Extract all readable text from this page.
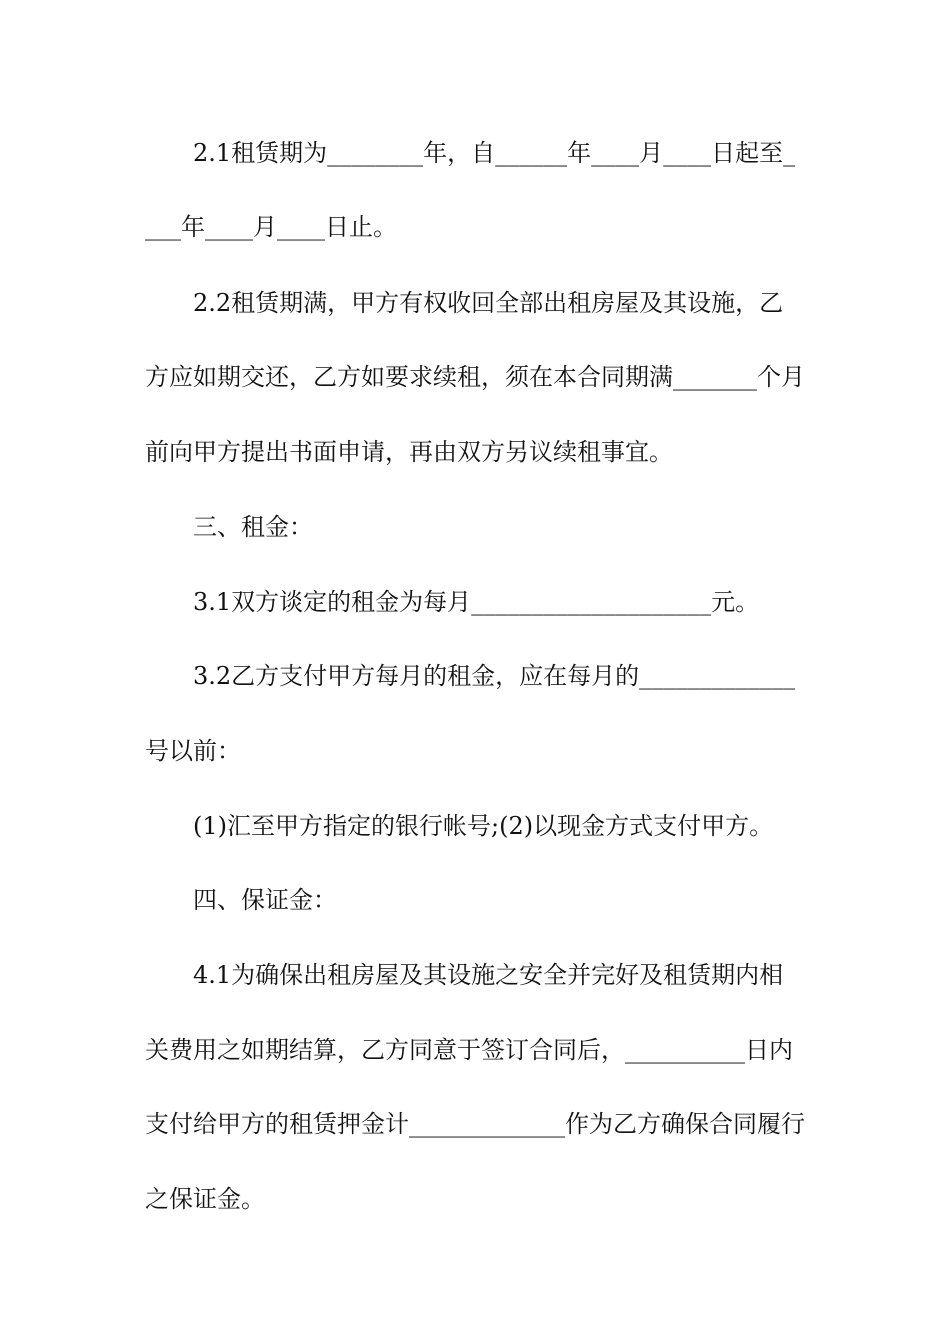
2.1租赁期为________年，自______年____月____日起至_

___年____月____日止。

2.2租赁期满，甲方有权收回全部出租房屋及其设施，乙

方应如期交还，乙方如要求续租，须在本合同期满_______个月

前向甲方提出书面申请，再由双方另议续租事宜。

三、租金：

3.1双方谈定的租金为每月____________________元。

3.2乙方支付甲方每月的租金，应在每月的_____________

号以前：

(1)汇至甲方指定的银行帐号;(2)以现金方式支付甲方。

四、保证金：

4.1为确保出租房屋及其设施之安全并完好及租赁期内相

关费用之如期结算，乙方同意于签订合同后，__________日内

支付给甲方的租赁押金计_____________作为乙方确保合同履行

之保证金。
